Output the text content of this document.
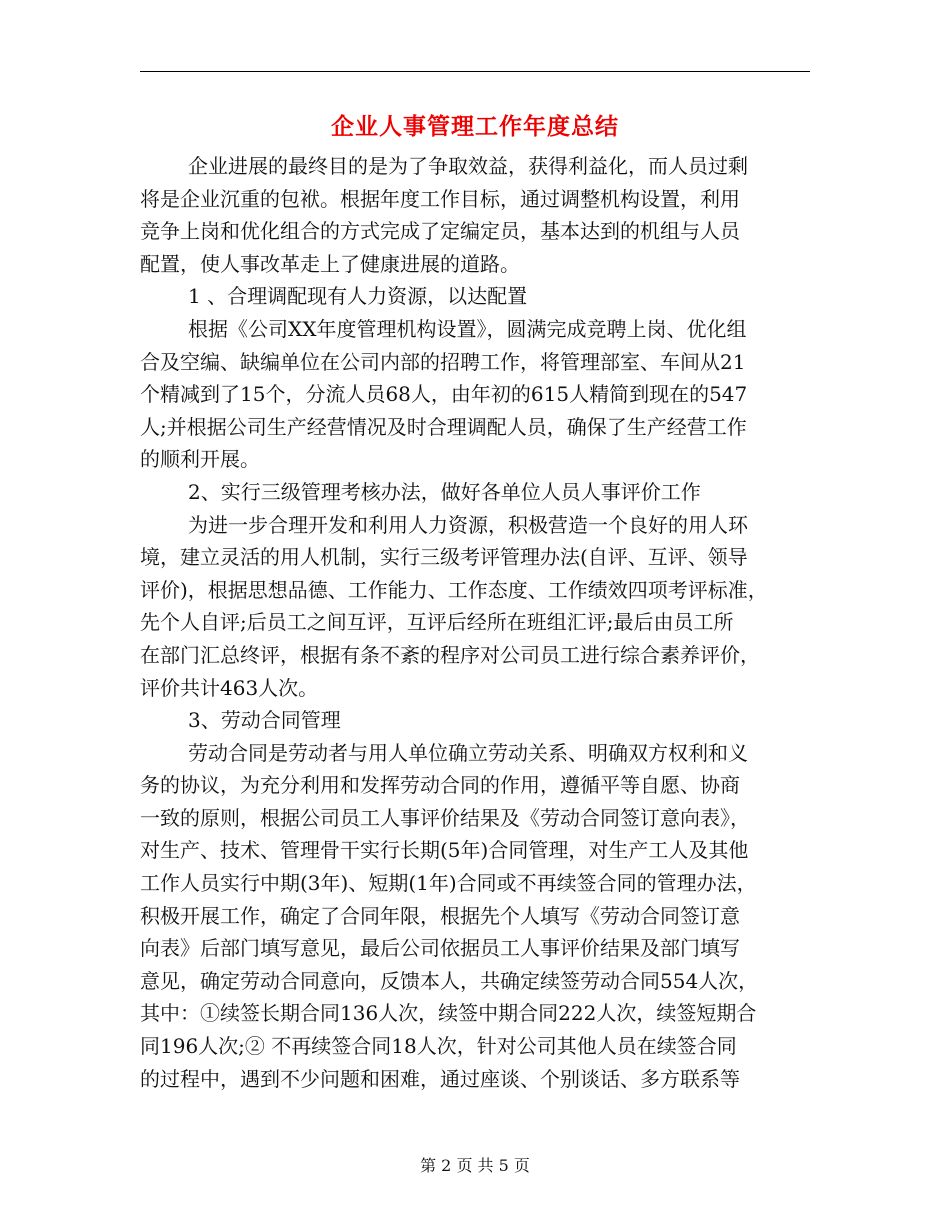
企业人事管理工作年度总结
企业进展的最终目的是为了争取效益，获得利益化，而人员过剩
将是企业沉重的包袱。根据年度工作目标，通过调整机构设置，利用
竞争上岗和优化组合的方式完成了定编定员，基本达到的机组与人员
配置，使人事改革走上了健康进展的道路。
1 、合理调配现有人力资源，以达配置
根据《公司XX年度管理机构设置》，圆满完成竞聘上岗、优化组
合及空编、缺编单位在公司内部的招聘工作，将管理部室、车间从21
个精减到了15个，分流人员68人，由年初的615人精简到现在的547
人;并根据公司生产经营情况及时合理调配人员，确保了生产经营工作
的顺利开展。
2、实行三级管理考核办法，做好各单位人员人事评价工作
为进一步合理开发和利用人力资源，积极营造一个良好的用人环
境，建立灵活的用人机制，实行三级考评管理办法(自评、互评、领导
评价)，根据思想品德、工作能力、工作态度、工作绩效四项考评标准，
先个人自评;后员工之间互评，互评后经所在班组汇评;最后由员工所
在部门汇总终评，根据有条不紊的程序对公司员工进行综合素养评价，
评价共计463人次。
3、劳动合同管理
劳动合同是劳动者与用人单位确立劳动关系、明确双方权利和义
务的协议，为充分利用和发挥劳动合同的作用，遵循平等自愿、协商
一致的原则，根据公司员工人事评价结果及《劳动合同签订意向表》，
对生产、技术、管理骨干实行长期(5年)合同管理，对生产工人及其他
工作人员实行中期(3年)、短期(1年)合同或不再续签合同的管理办法，
积极开展工作，确定了合同年限，根据先个人填写《劳动合同签订意
向表》后部门填写意见，最后公司依据员工人事评价结果及部门填写
意见，确定劳动合同意向，反馈本人，共确定续签劳动合同554人次，
其中：①续签长期合同136人次，续签中期合同222人次，续签短期合
同196人次;② 不再续签合同18人次，针对公司其他人员在续签合同
的过程中，遇到不少问题和困难，通过座谈、个别谈话、多方联系等
第 2 页 共 5 页
